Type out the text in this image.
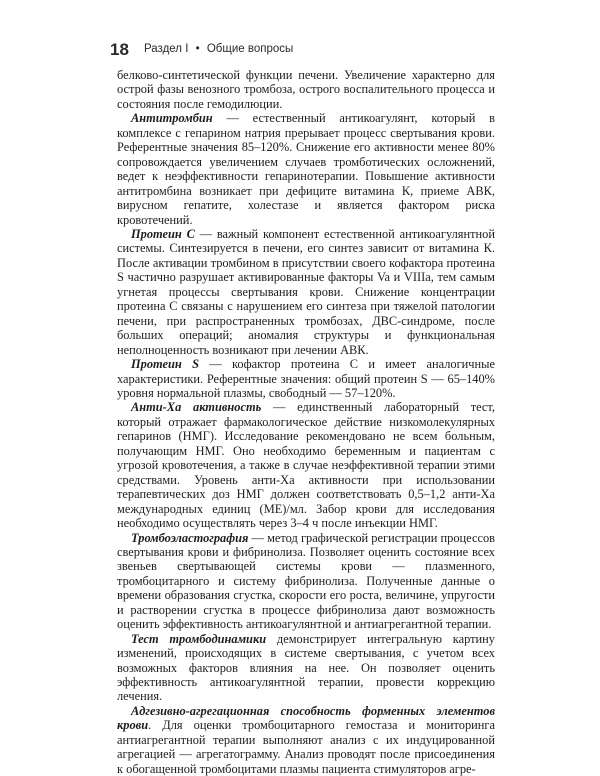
18 Раздел I • Общие вопросы

белково-синтетической функции печени. Увеличение характерно для острой фазы венозного тромбоза, острого воспалительного процесса и состояния после гемодилюции.

Антитромбин — естественный антикоагулянт, который в комплексе с гепарином натрия прерывает процесс свертывания крови. Референтные значения 85–120%. Снижение его активности менее 80% сопровождается увеличением случаев тромботических осложнений, ведет к неэффективности гепаринотерапии. Повышение активности антитромбина возникает при дефиците витамина К, приеме АВК, вирусном гепатите, холестазе и является фактором риска кровотечений.

Протеин С — важный компонент естественной антикоагулянтной системы. Синтезируется в печени, его синтез зависит от витамина К. После активации тромбином в присутствии своего кофактора протеина S частично разрушает активированные факторы Va и VIIIa, тем самым угнетая процессы свертывания крови. Снижение концентрации протеина С связаны с нарушением его синтеза при тяжелой патологии печени, при распространенных тромбозах, ДВС-синдроме, после больших операций; аномалия структуры и функциональная неполноценность возникают при лечении АВК.

Протеин S — кофактор протеина С и имеет аналогичные характеристики. Референтные значения: общий протеин S — 65–140% уровня нормальной плазмы, свободный — 57–120%.

Анти-Ха активность — единственный лабораторный тест, который отражает фармакологическое действие низкомолекулярных гепаринов (НМГ). Исследование рекомендовано не всем больным, получающим НМГ. Оно необходимо беременным и пациентам с угрозой кровотечения, а также в случае неэффективной терапии этими средствами. Уровень анти-Ха активности при использовании терапевтических доз НМГ должен соответствовать 0,5–1,2 анти-Ха международных единиц (МЕ)/мл. Забор крови для исследования необходимо осуществлять через 3–4 ч после инъекции НМГ.

Тромбоэластография — метод графической регистрации процессов свертывания крови и фибринолиза. Позволяет оценить состояние всех звеньев свертывающей системы крови — плазменного, тромбоцитарного и систему фибринолиза. Полученные данные о времени образования сгустка, скорости его роста, величине, упругости и растворении сгустка в процессе фибринолиза дают возможность оценить эффективность антикоагулянтной и антиагрегантной терапии.

Тест тромбодинамики демонстрирует интегральную картину изменений, происходящих в системе свертывания, с учетом всех возможных факторов влияния на нее. Он позволяет оценить эффективность антикоагулянтной терапии, провести коррекцию лечения.

Адгезивно-агрегационная способность форменных элементов крови. Для оценки тромбоцитарного гемостаза и мониторинга антиагрегантной терапии выполняют анализ с их индуцированной агрегацией — агрегатограмму. Анализ проводят после присоединения к обогащенной тромбоцитами плазмы пациента стимуляторов агре-
